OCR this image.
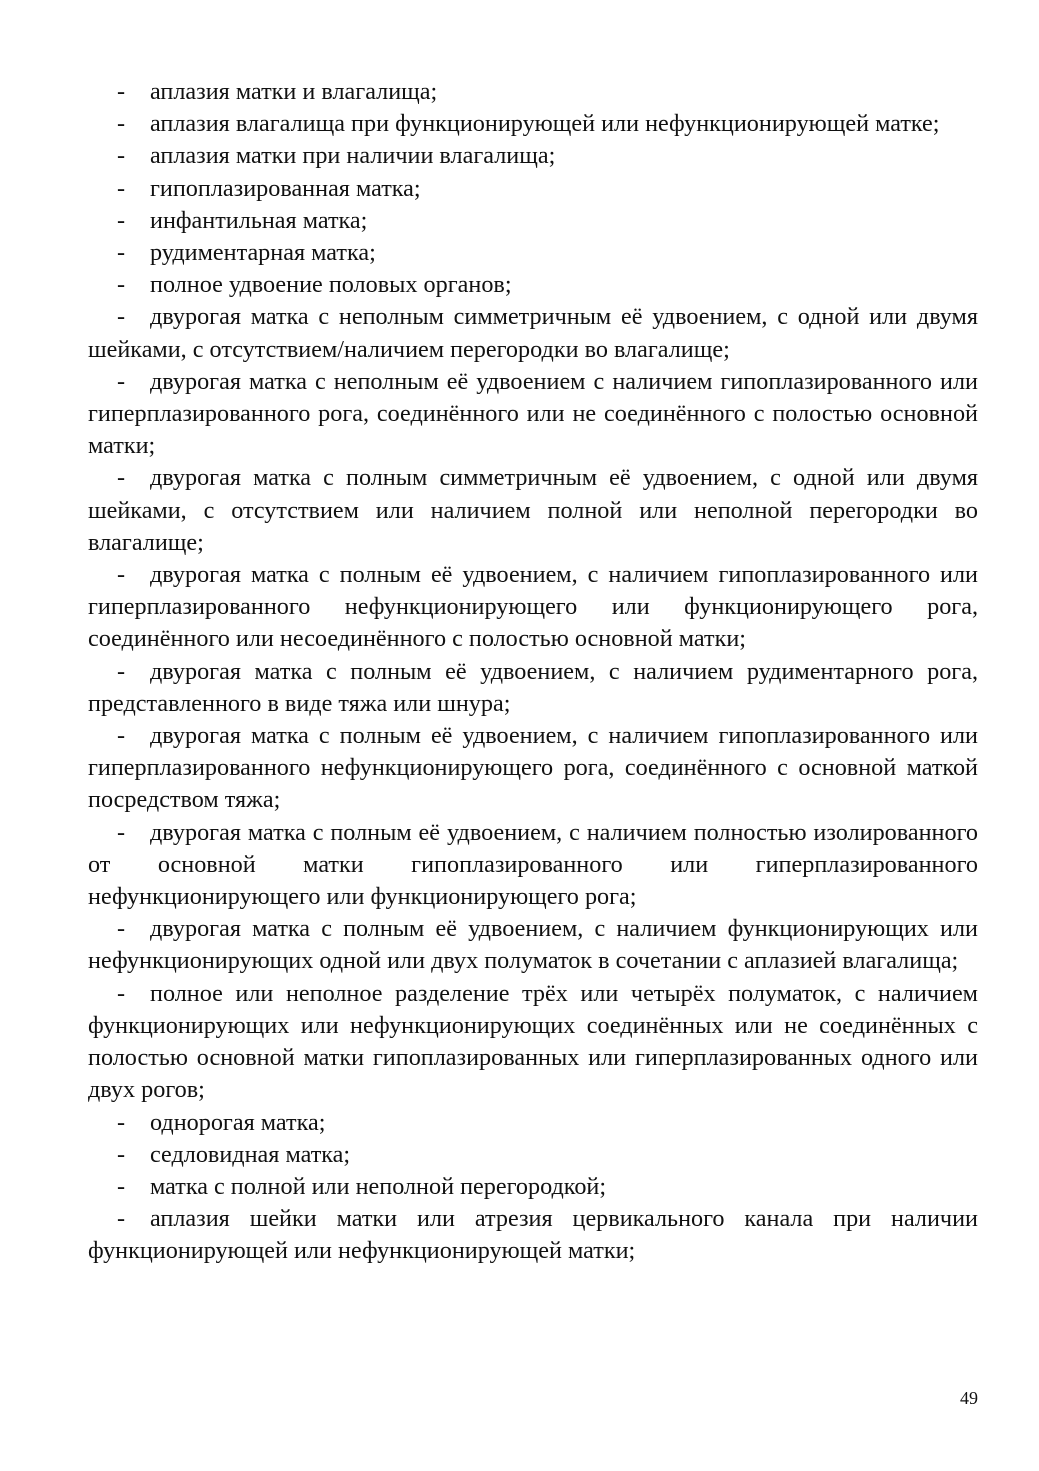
- аплазия матки и влагалища;

- аплазия влагалища при функционирующей или нефункционирующей матке;

- аплазия матки при наличии влагалища;

- гипоплазированная матка;

- инфантильная матка;

- рудиментарная матка;

- полное удвоение половых органов;

- двурогая матка с неполным симметричным её удвоением, с одной или двумя шейками, с отсутствием/наличием перегородки во влагалище;

- двурогая матка с неполным её удвоением с наличием гипоплазированного или гиперплазированного рога, соединённого или не соединённого с полостью основной матки;

- двурогая матка с полным симметричным её удвоением, с одной или двумя шейками, с отсутствием или наличием полной или неполной перегородки во влагалище;

- двурогая матка с полным её удвоением, с наличием гипоплазированного или гиперплазированного нефункционирующего или функционирующего рога, соединённого или несоединённого с полостью основной матки;

- двурогая матка с полным её удвоением, с наличием рудиментарного рога, представленного в виде тяжа или шнура;

- двурогая матка с полным её удвоением, с наличием гипоплазированного или гиперплазированного нефункционирующего рога, соединённого с основной маткой посредством тяжа;

- двурогая матка с полным её удвоением, с наличием полностью изолированного от основной матки гипоплазированного или гиперплазированного нефункционирующего или функционирующего рога;

- двурогая матка с полным её удвоением, с наличием функционирующих или нефункционирующих одной или двух полуматок в сочетании с аплазией влагалища;

- полное или неполное разделение трёх или четырёх полуматок, с наличием функционирующих или нефункционирующих соединённых или не соединённых с полостью основной матки гипоплазированных или гиперплазированных одного или двух рогов;

- однорогая матка;

- седловидная матка;

- матка с полной или неполной перегородкой;

- аплазия шейки матки или атрезия цервикального канала при наличии функционирующей или нефункционирующей матки;

49
